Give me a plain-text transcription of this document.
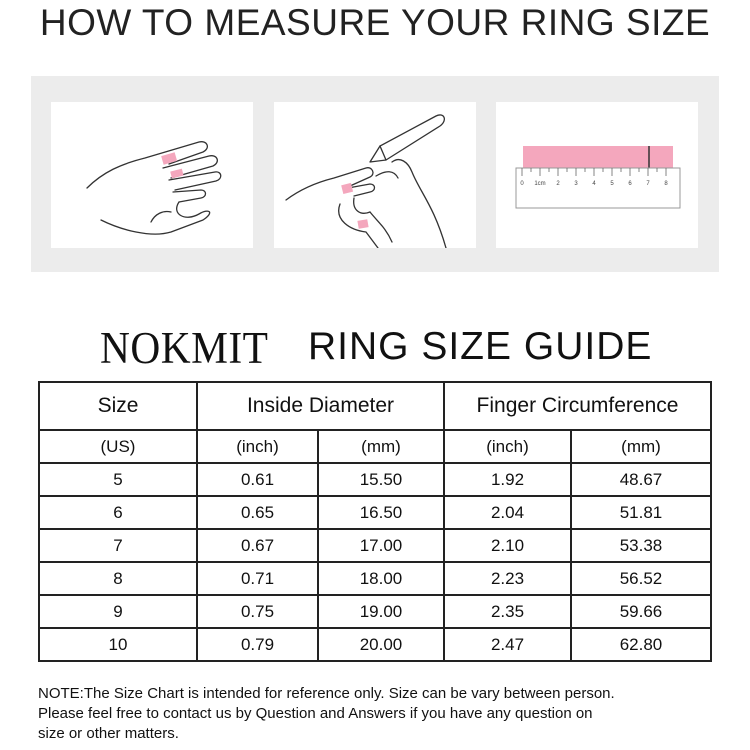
HOW TO MEASURE YOUR RING SIZE
0 1cm 2 3 4 5 6 7 8
NOKMIT RING SIZE GUIDE
Size	Inside Diameter		Finger Circumference	
(US)	(inch)	(mm)	(inch)	(mm)
5	0.61	15.50	1.92	48.67
6	0.65	16.50	2.04	51.81
7	0.67	17.00	2.10	53.38
8	0.71	18.00	2.23	56.52
9	0.75	19.00	2.35	59.66
10	0.79	20.00	2.47	62.80
NOTE:The Size Chart is intended for reference only. Size can be vary between person.
Please feel free to contact us by Question and Answers if you have any question on
size or other matters.
